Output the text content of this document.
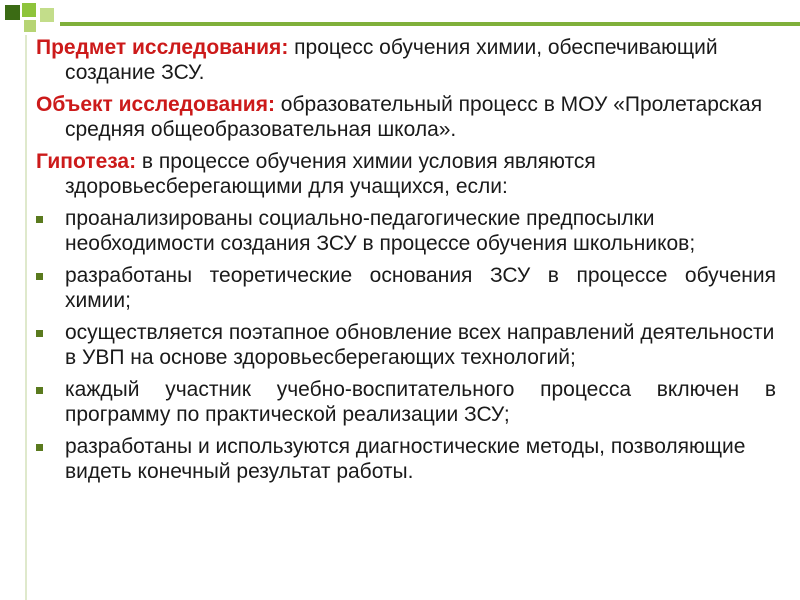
Предмет исследования: процесс обучения химии, обеспечивающий создание ЗСУ.
Объект исследования: образовательный процесс в МОУ «Пролетарская средняя общеобразовательная школа».
Гипотеза: в процессе обучения химии условия являются здоровьесберегающими для учащихся, если:
проанализированы социально-педагогические предпосылки необходимости создания ЗСУ в процессе обучения школьников;
разработаны теоретические основания ЗСУ в процессе обучения химии;
осуществляется поэтапное обновление всех направлений деятельности в УВП на основе здоровьесберегающих технологий;
каждый участник учебно-воспитательного процесса включен в программу по практической реализации ЗСУ;
разработаны и используются диагностические методы, позволяющие видеть конечный результат работы.
